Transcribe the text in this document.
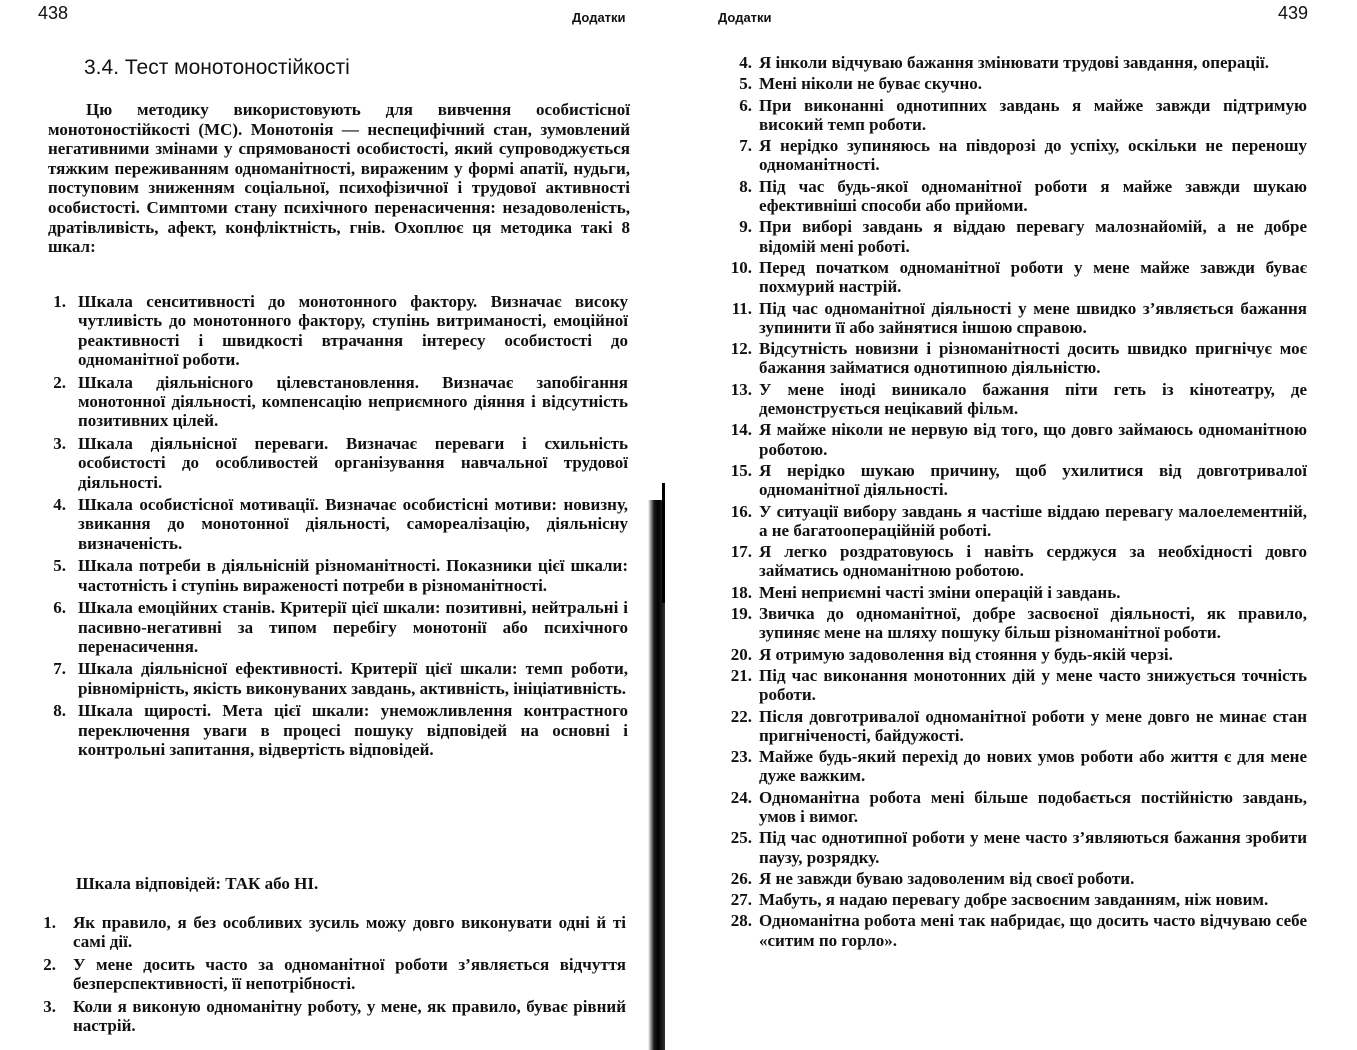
438	Додатки
3.4. Тест монотоностійкості

Цю методику використовують для вивчення особистісної монотоностійкості (МС). Монотонія — неспецифічний стан, зумовлений негативними змінами у спрямованості особистості, який супроводжується тяжким переживанням одноманітності, вираженим у формі апатії, нудьги, поступовим зниженням соціальної, психофізичної і трудової активності особистості. Симптоми стану психічного перенасичення: незадоволеність, дратівливість, афект, конфліктність, гнів. Охоплює ця методика такі 8 шкал:

1. Шкала сенситивності до монотонного фактору. Визначає високу чутливість до монотонного фактору, ступінь витриманості, емоційної реактивності і швидкості втрачання інтересу особистості до одноманітної роботи.
2. Шкала діяльнісного цілевстановлення. Визначає запобігання монотонної діяльності, компенсацію неприємного діяння і відсутність позитивних цілей.
3. Шкала діяльнісної переваги. Визначає переваги і схильність особистості до особливостей організування навчальної трудової діяльності.
4. Шкала особистісної мотивації. Визначає особистісні мотиви: новизну, звикання до монотонної діяльності, самореалізацію, діяльнісну визначеність.
5. Шкала потреби в діяльнісній різноманітності. Показники цієї шкали: частотність і ступінь вираженості потреби в різноманітності.
6. Шкала емоційних станів. Критерії цієї шкали: позитивні, нейтральні і пасивно-негативні за типом перебігу монотонії або психічного перенасичення.
7. Шкала діяльнісної ефективності. Критерії цієї шкали: темп роботи, рівномірність, якість виконуваних завдань, активність, ініціативність.
8. Шкала щирості. Мета цієї шкали: унеможливлення контрастного переключення уваги в процесі пошуку відповідей на основні і контрольні запитання, відвертість відповідей.
Шкала відповідей: ТАК або НІ.
1.	Як правило, я без особливих зусиль можу довго виконувати одні й ті самі дії.
2.	У мене досить часто за одноманітної роботи з’являється відчуття безперспективності, її непотрібності.
3.	Коли я виконую одноманітну роботу, у мене, як правило, буває рівний настрій.
Додатки	439
4. Я інколи відчуваю бажання змінювати трудові завдання, операції.
5. Мені ніколи не буває скучно.
6. При виконанні однотипних завдань я майже завжди підтримую високий темп роботи.
7. Я нерідко зупиняюсь на півдорозі до успіху, оскільки не переношу одноманітності.
8. Під час будь-якої одноманітної роботи я майже завжди шукаю ефективніші способи або прийоми.
9. При виборі завдань я віддаю перевагу малознайомій, а не добре відомій мені роботі.
10. Перед початком одноманітної роботи у мене майже завжди буває похмурий настрій.
11. Під час одноманітної діяльності у мене швидко з’являється бажання зупинити її або зайнятися іншою справою.
12. Відсутність новизни і різноманітності досить швидко пригнічує моє бажання займатися однотипною діяльністю.
13. У мене іноді виникало бажання піти геть із кінотеатру, де демонструється нецікавий фільм.
14. Я майже ніколи не нервую від того, що довго займаюсь одноманітною роботою.
15. Я нерідко шукаю причину, щоб ухилитися від довготривалої одноманітної діяльності.
16. У ситуації вибору завдань я частіше віддаю перевагу малоелементній, а не багатоопераційній роботі.
17. Я легко роздратовуюсь і навіть серджуся за необхідності довго займатись одноманітною роботою.
18. Мені неприємні часті зміни операцій і завдань.
19. Звичка до одноманітної, добре засвоєної діяльності, як правило, зупиняє мене на шляху пошуку більш різноманітної роботи.
20. Я отримую задоволення від стояння у будь-якій черзі.
21. Під час виконання монотонних дій у мене часто знижується точність роботи.
22. Після довготривалої одноманітної роботи у мене довго не минає стан пригніченості, байдужості.
23. Майже будь-який перехід до нових умов роботи або життя є для мене дуже важким.
24. Одноманітна робота мені більше подобається постійністю завдань, умов і вимог.
25. Під час однотипної роботи у мене часто з’являються бажання зробити паузу, розрядку.
26. Я не завжди буваю задоволеним від своєї роботи.
27. Мабуть, я надаю перевагу добре засвоєним завданням, ніж новим.
28. Одноманітна робота мені так набридає, що досить часто відчуваю себе «ситим по горло».
